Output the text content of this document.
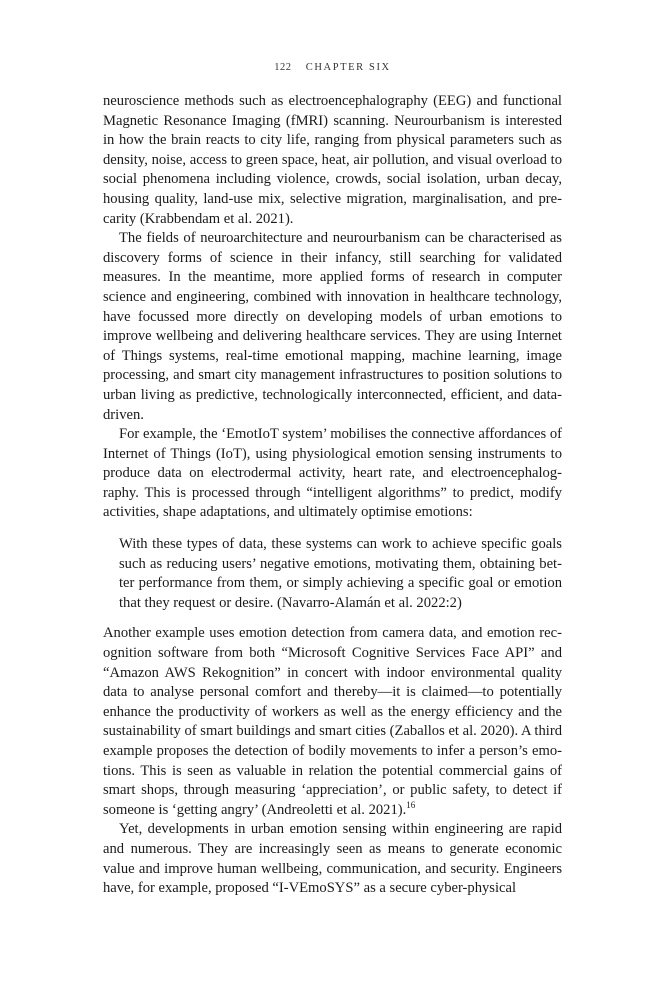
122 CHAPTER SIX

neuroscience methods such as electroencephalography (EEG) and functional Magnetic Resonance Imaging (fMRI) scanning. Neurourbanism is interested in how the brain reacts to city life, ranging from physical parameters such as density, noise, access to green space, heat, air pollution, and visual overload to social phenomena including violence, crowds, social isolation, urban decay, housing quality, land-use mix, selective migration, marginalisation, and precarity (Krabbendam et al. 2021).

The fields of neuroarchitecture and neurourbanism can be characterised as discovery forms of science in their infancy, still searching for validated measures. In the meantime, more applied forms of research in computer science and engineering, combined with innovation in healthcare technology, have focussed more directly on developing models of urban emotions to improve wellbeing and delivering healthcare services. They are using Internet of Things systems, real-time emotional mapping, machine learning, image processing, and smart city management infrastructures to position solutions to urban living as predictive, technologically interconnected, efficient, and data-driven.

For example, the ‘EmotIoT system’ mobilises the connective affordances of Internet of Things (IoT), using physiological emotion sensing instruments to produce data on electrodermal activity, heart rate, and electroencephalography. This is processed through “intelligent algorithms” to predict, modify activities, shape adaptations, and ultimately optimise emotions:

With these types of data, these systems can work to achieve specific goals such as reducing users’ negative emotions, motivating them, obtaining better performance from them, or simply achieving a specific goal or emotion that they request or desire. (Navarro-Alamán et al. 2022:2)

Another example uses emotion detection from camera data, and emotion recognition software from both “Microsoft Cognitive Services Face API” and “Amazon AWS Rekognition” in concert with indoor environmental quality data to analyse personal comfort and thereby—it is claimed—to potentially enhance the productivity of workers as well as the energy efficiency and the sustainability of smart buildings and smart cities (Zaballos et al. 2020). A third example proposes the detection of bodily movements to infer a person’s emotions. This is seen as valuable in relation the potential commercial gains of smart shops, through measuring ‘appreciation’, or public safety, to detect if someone is ‘getting angry’ (Andreoletti et al. 2021).$^{16}$

Yet, developments in urban emotion sensing within engineering are rapid and numerous. They are increasingly seen as means to generate economic value and improve human wellbeing, communication, and security. Engineers have, for example, proposed “I-VEmoSYS” as a secure cyber-physical
